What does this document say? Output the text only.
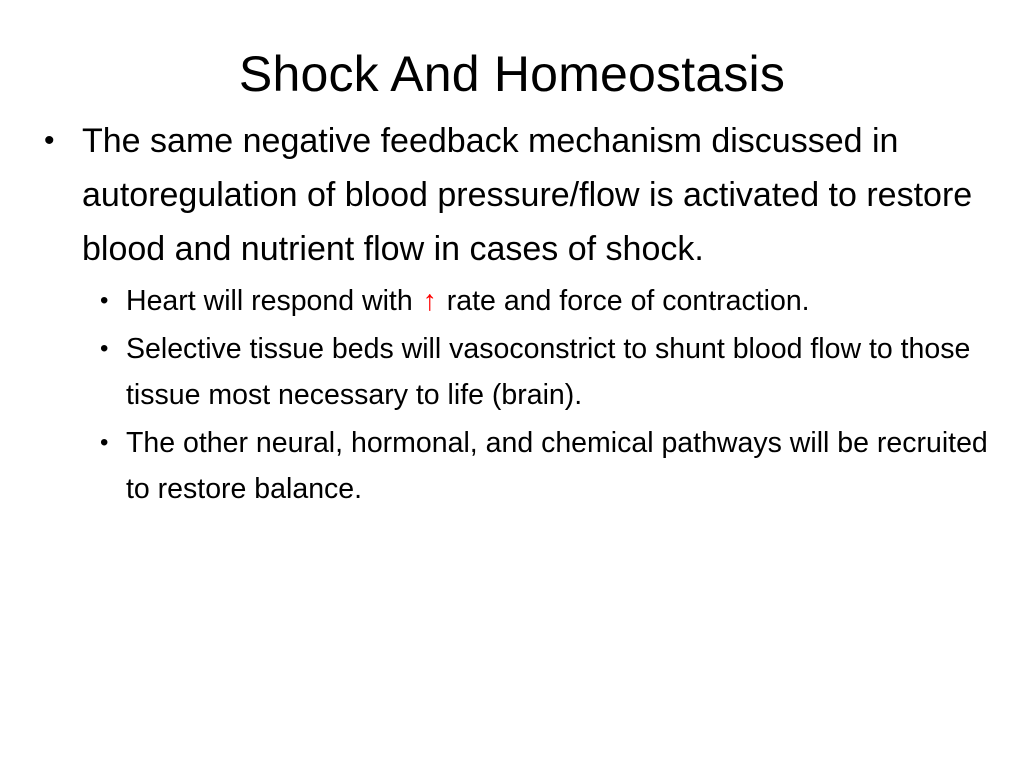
Shock And Homeostasis

• The same negative feedback mechanism discussed in autoregulation of blood pressure/flow is activated to restore blood and nutrient flow in cases of shock.

• Heart will respond with ↑ rate and force of contraction.
• Selective tissue beds will vasoconstrict to shunt blood flow to those tissue most necessary to life (brain).
• The other neural, hormonal, and chemical pathways will be recruited to restore balance.
